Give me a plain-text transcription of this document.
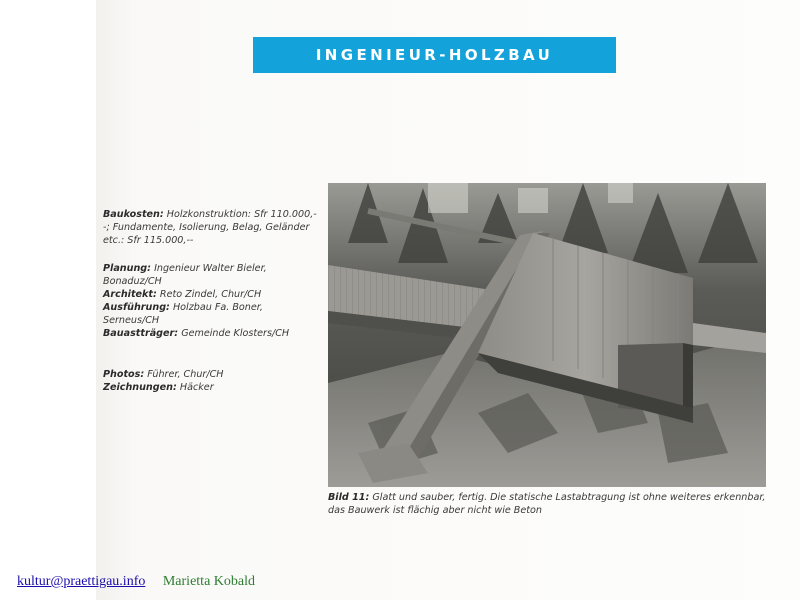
INGENIEUR-HOLZBAU

Baukosten: Holzkonstruktion: Sfr 110.000,--; Fundamente, Isolierung, Belag, Geländer etc.: Sfr 115.000,--

Planung: Ingenieur Walter Bieler, Bonaduz/CH

Architekt: Reto Zindel, Chur/CH

Ausführung: Holzbau Fa. Boner, Serneus/CH

Bauastträger: Gemeinde Klosters/CH

Photos: Führer, Chur/CH

Zeichnungen: Häcker

Bild 11: Glatt und sauber, fertig. Die statische Lastabtragung ist ohne weiteres erkennbar, das Bauwerk ist flächig aber nicht wie Beton
kultur@praettigau.info Marietta Kobald
